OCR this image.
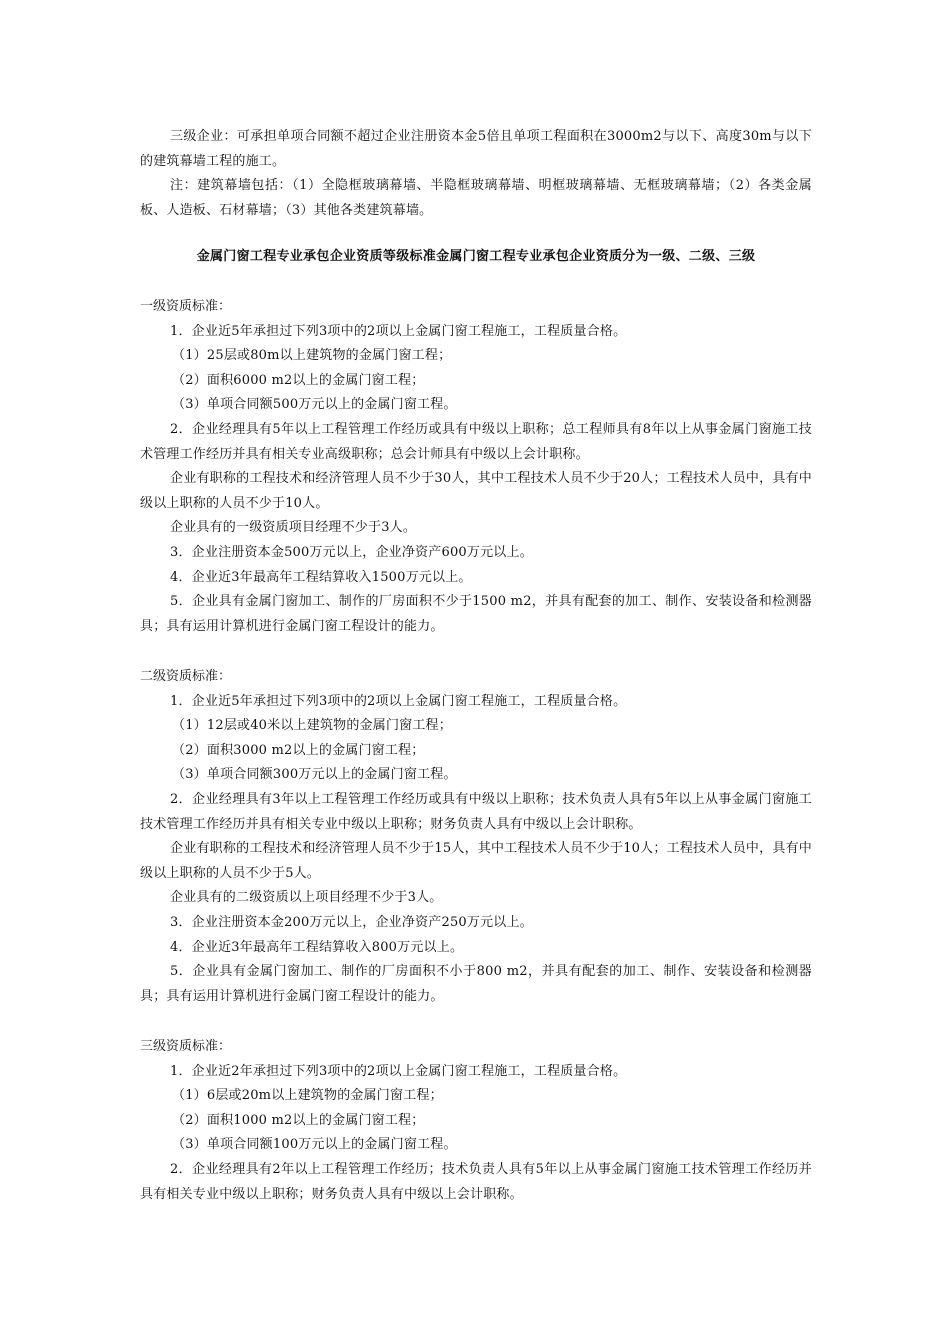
三级企业：可承担单项合同额不超过企业注册资本金5倍且单项工程面积在3000m2与以下、高度30m与以下的建筑幕墙工程的施工。

注：建筑幕墙包括：（1）全隐框玻璃幕墙、半隐框玻璃幕墙、明框玻璃幕墙、无框玻璃幕墙；（2）各类金属板、人造板、石材幕墙；（3）其他各类建筑幕墙。

金属门窗工程专业承包企业资质等级标准金属门窗工程专业承包企业资质分为一级、二级、三级

一级资质标准：

1．企业近5年承担过下列3项中的2项以上金属门窗工程施工，工程质量合格。

（1）25层或80m以上建筑物的金属门窗工程；

（2）面积6000 m2以上的金属门窗工程；

（3）单项合同额500万元以上的金属门窗工程。

2．企业经理具有5年以上工程管理工作经历或具有中级以上职称；总工程师具有8年以上从事金属门窗施工技术管理工作经历并具有相关专业高级职称；总会计师具有中级以上会计职称。

企业有职称的工程技术和经济管理人员不少于30人，其中工程技术人员不少于20人；工程技术人员中，具有中级以上职称的人员不少于10人。

企业具有的一级资质项目经理不少于3人。

3．企业注册资本金500万元以上，企业净资产600万元以上。

4．企业近3年最高年工程结算收入1500万元以上。

5．企业具有金属门窗加工、制作的厂房面积不少于1500 m2，并具有配套的加工、制作、安装设备和检测器具；具有运用计算机进行金属门窗工程设计的能力。

二级资质标准：

1．企业近5年承担过下列3项中的2项以上金属门窗工程施工，工程质量合格。

（1）12层或40米以上建筑物的金属门窗工程；

（2）面积3000 m2以上的金属门窗工程；

（3）单项合同额300万元以上的金属门窗工程。

2．企业经理具有3年以上工程管理工作经历或具有中级以上职称；技术负责人具有5年以上从事金属门窗施工技术管理工作经历并具有相关专业中级以上职称；财务负责人具有中级以上会计职称。

企业有职称的工程技术和经济管理人员不少于15人，其中工程技术人员不少于10人；工程技术人员中，具有中级以上职称的人员不少于5人。

企业具有的二级资质以上项目经理不少于3人。

3．企业注册资本金200万元以上，企业净资产250万元以上。

4．企业近3年最高年工程结算收入800万元以上。

5．企业具有金属门窗加工、制作的厂房面积不小于800 m2，并具有配套的加工、制作、安装设备和检测器具；具有运用计算机进行金属门窗工程设计的能力。

三级资质标准：

1．企业近2年承担过下列3项中的2项以上金属门窗工程施工，工程质量合格。

（1）6层或20m以上建筑物的金属门窗工程；

（2）面积1000 m2以上的金属门窗工程；

（3）单项合同额100万元以上的金属门窗工程。

2．企业经理具有2年以上工程管理工作经历；技术负责人具有5年以上从事金属门窗施工技术管理工作经历并具有相关专业中级以上职称；财务负责人具有中级以上会计职称。
